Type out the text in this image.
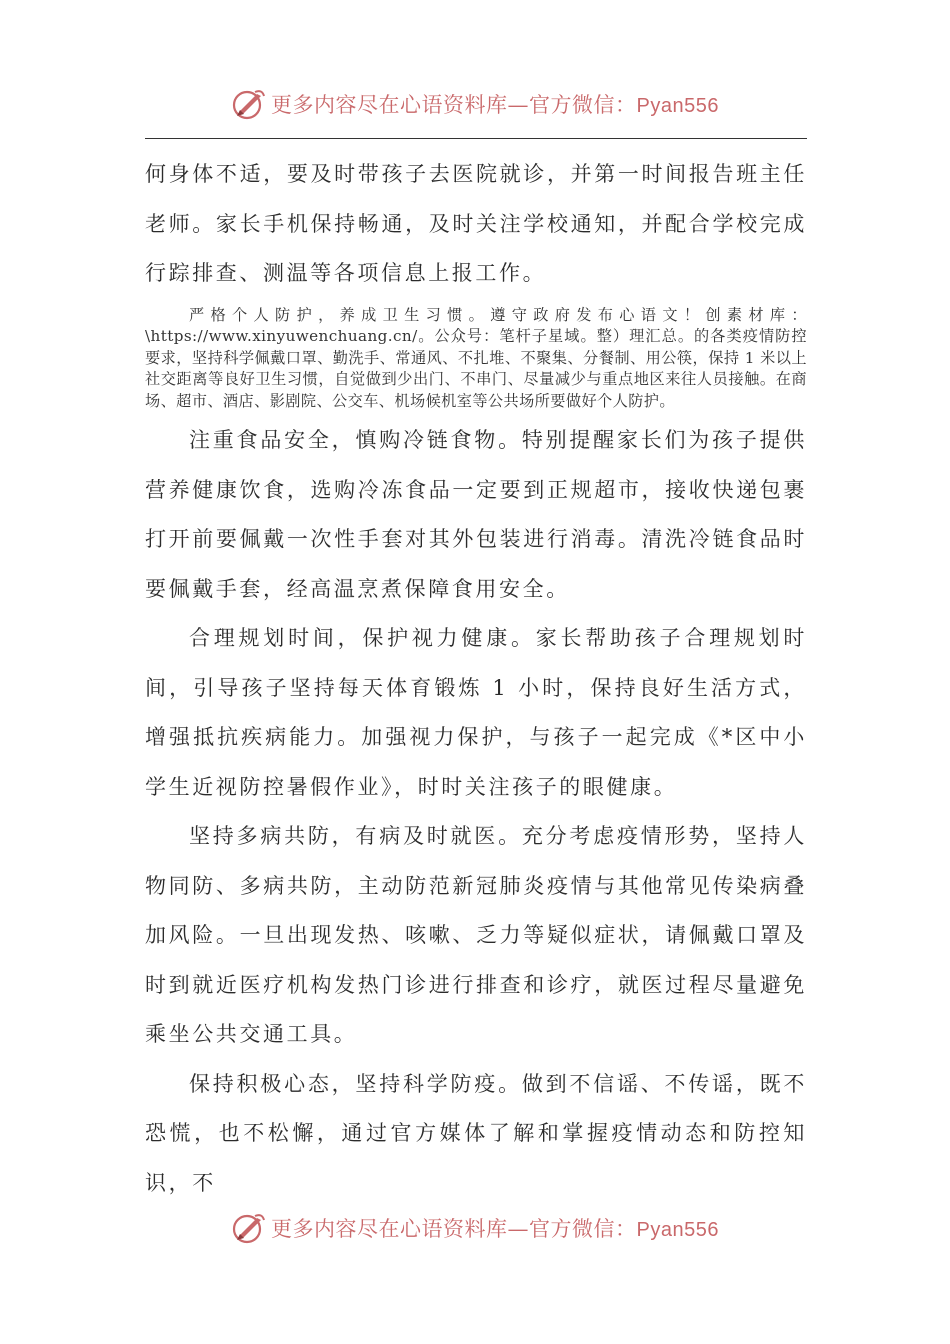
更多内容尽在心语资料库—官方微信：Pyan556

何身体不适，要及时带孩子去医院就诊，并第一时间报告班主任老师。家长手机保持畅通，及时关注学校通知，并配合学校完成行踪排查、测温等各项信息上报工作。

严格个人防护，养成卫生习惯。遵守政府发布心语文！创素材库：\https://www.xinyuwenchuang.cn/。公众号：笔杆子星域。整）理汇总。的各类疫情防控要求，坚持科学佩戴口罩、勤洗手、常通风、不扎堆、不聚集、分餐制、用公筷，保持 1 米以上社交距离等良好卫生习惯，自觉做到少出门、不串门、尽量减少与重点地区来往人员接触。在商场、超市、酒店、影剧院、公交车、机场候机室等公共场所要做好个人防护。

注重食品安全，慎购冷链食物。特别提醒家长们为孩子提供营养健康饮食，选购冷冻食品一定要到正规超市，接收快递包裹打开前要佩戴一次性手套对其外包装进行消毒。清洗冷链食品时要佩戴手套，经高温烹煮保障食用安全。

合理规划时间，保护视力健康。家长帮助孩子合理规划时间，引导孩子坚持每天体育锻炼 1 小时，保持良好生活方式，增强抵抗疾病能力。加强视力保护，与孩子一起完成《*区中小学生近视防控暑假作业》，时时关注孩子的眼健康。

坚持多病共防，有病及时就医。充分考虑疫情形势，坚持人物同防、多病共防，主动防范新冠肺炎疫情与其他常见传染病叠加风险。一旦出现发热、咳嗽、乏力等疑似症状，请佩戴口罩及时到就近医疗机构发热门诊进行排查和诊疗，就医过程尽量避免乘坐公共交通工具。

保持积极心态，坚持科学防疫。做到不信谣、不传谣，既不恐慌，也不松懈，通过官方媒体了解和掌握疫情动态和防控知识，不

更多内容尽在心语资料库—官方微信：Pyan556
